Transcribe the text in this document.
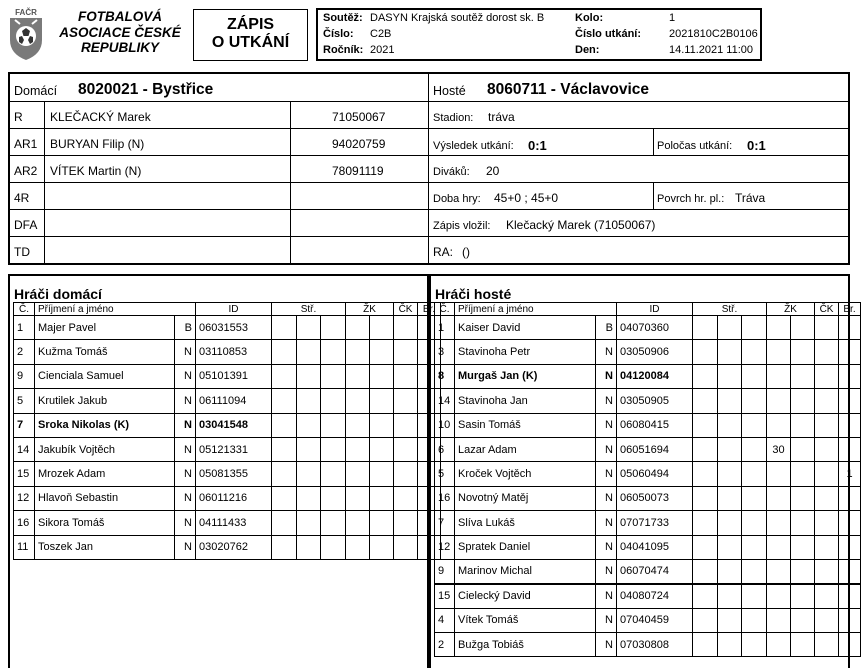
FAČR	FOTBALOVÁ
ASOCIACE ČESKÉ
REPUBLIKY
ZÁPIS
O UTKÁNÍ
Soutěž: DASYN Krajská soutěž dorost sk. B
Číslo: C2B
Ročník: 2021
Kolo:	1
Číslo utkání:	2021810C2B0106
Den:	14.11.2021 11:00
Domácí 8020021 - Bystřice
R KLEČACKÝ Marek	71050067
AR1 BURYAN Filip (N)	94020759
AR2 VÍTEK Martin (N)	78091119
4R
DFA
TD
Hosté 8060711 - Václavovice
Stadion: tráva
Výsledek utkání: 0:1	Poločas utkání: 0:1
Diváků: 20
Doba hry: 45+0 ; 45+0	Povrch hr. pl.: Tráva
Zápis vložil: Klečacký Marek (71050067)
RA: ()
Hráči domácí
Č.	Příjmení a jméno		ID	Stř.			ŽK		ČK	Br.
1	Majer Pavel	B	06031553							
2	Kužma Tomáš	N	03110853							
9	Cienciala Samuel	N	05101391							
5	Krutilek Jakub	N	06111094							
7	Sroka Nikolas (K)	N	03041548							
14	Jakubík Vojtěch	N	05121331							
15	Mrozek Adam	N	05081355							
12	Hlavoň Sebastin	N	06011216							
16	Sikora Tomáš	N	04111433							
11	Toszek Jan	N	03020762							
Hráči hosté
Č.	Příjmení a jméno		ID	Stř.			ŽK		ČK	Br.
1	Kaiser David	B	04070360							
3	Stavinoha Petr	N	03050906							
8	Murgaš Jan (K)	N	04120084							
14	Stavinoha Jan	N	03050905							
10	Sasin Tomáš	N	06080415							
6	Lazar Adam	N	06051694				30			
5	Kroček Vojtěch	N	05060494							1
16	Novotný Matěj	N	06050073							
7	Slíva Lukáš	N	07071733							
12	Spratek Daniel	N	04041095							
9	Marinov Michal	N	06070474							
15	Cielecký David	N	04080724							
4	Vítek Tomáš	N	07040459							
2	Bužga Tobiáš	N	07030808							
